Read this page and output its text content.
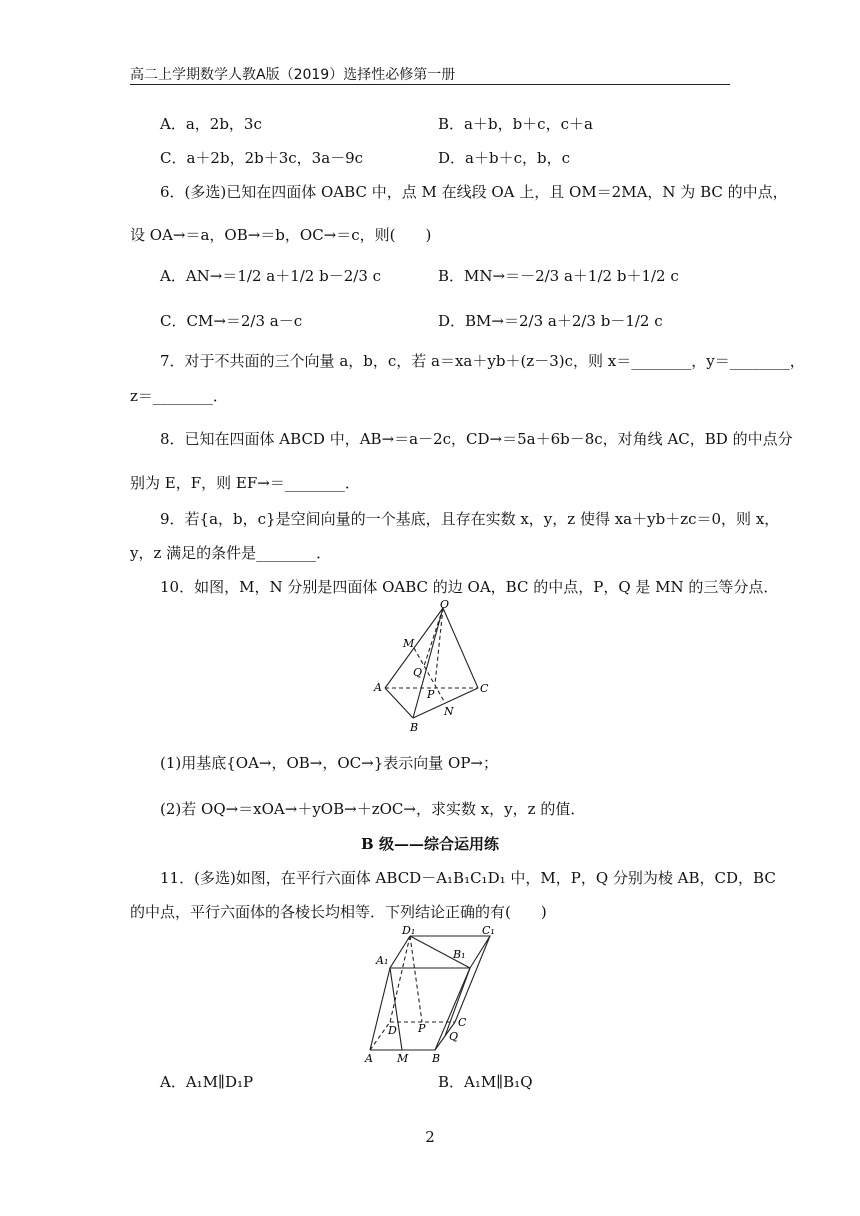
高二上学期数学人教A版（2019）选择性必修第一册
A．a，2b，3c	B．a＋b，b＋c，c＋a
C．a＋2b，2b＋3c，3a－9c	D．a＋b＋c，b，c
6．(多选)已知在四面体 OABC 中，点 M 在线段 OA 上，且 OM＝2MA，N 为 BC 的中点，
设 OA→＝a，OB→＝b，OC→＝c，则(　　)
A．AN→＝1/2 a＋1/2 b－2/3 c	B．MN→＝－2/3 a＋1/2 b＋1/2 c
C．CM→＝2/3 a－c	D．BM→＝2/3 a＋2/3 b－1/2 c
7．对于不共面的三个向量 a，b，c，若 a＝xa＋yb＋(z－3)c，则 x＝________，y＝________，
z＝________．
8．已知在四面体 ABCD 中，AB→＝a－2c，CD→＝5a＋6b－8c，对角线 AC，BD 的中点分
别为 E，F，则 EF→＝________．
9．若{a，b，c}是空间向量的一个基底，且存在实数 x，y，z 使得 xa＋yb＋zc＝0，则 x，
y，z 满足的条件是________．
10．如图，M，N 分别是四面体 OABC 的边 OA，BC 的中点，P，Q 是 MN 的三等分点．
O
M
Q
A
P	C
B
N
(1)用基底{OA→，OB→，OC→}表示向量 OP→；
(2)若 OQ→＝xOA→＋yOB→＋zOC→，求实数 x，y，z 的值．
B 级——综合运用练
11．(多选)如图，在平行六面体 ABCD－A₁B₁C₁D₁ 中，M，P，Q 分别为棱 AB，CD，BC
的中点，平行六面体的各棱长均相等．下列结论正确的有(　　)
D₁	C₁
A₁	B₁
D P	C
Q
A M B
A．A₁M∥D₁P	B．A₁M∥B₁Q
2
